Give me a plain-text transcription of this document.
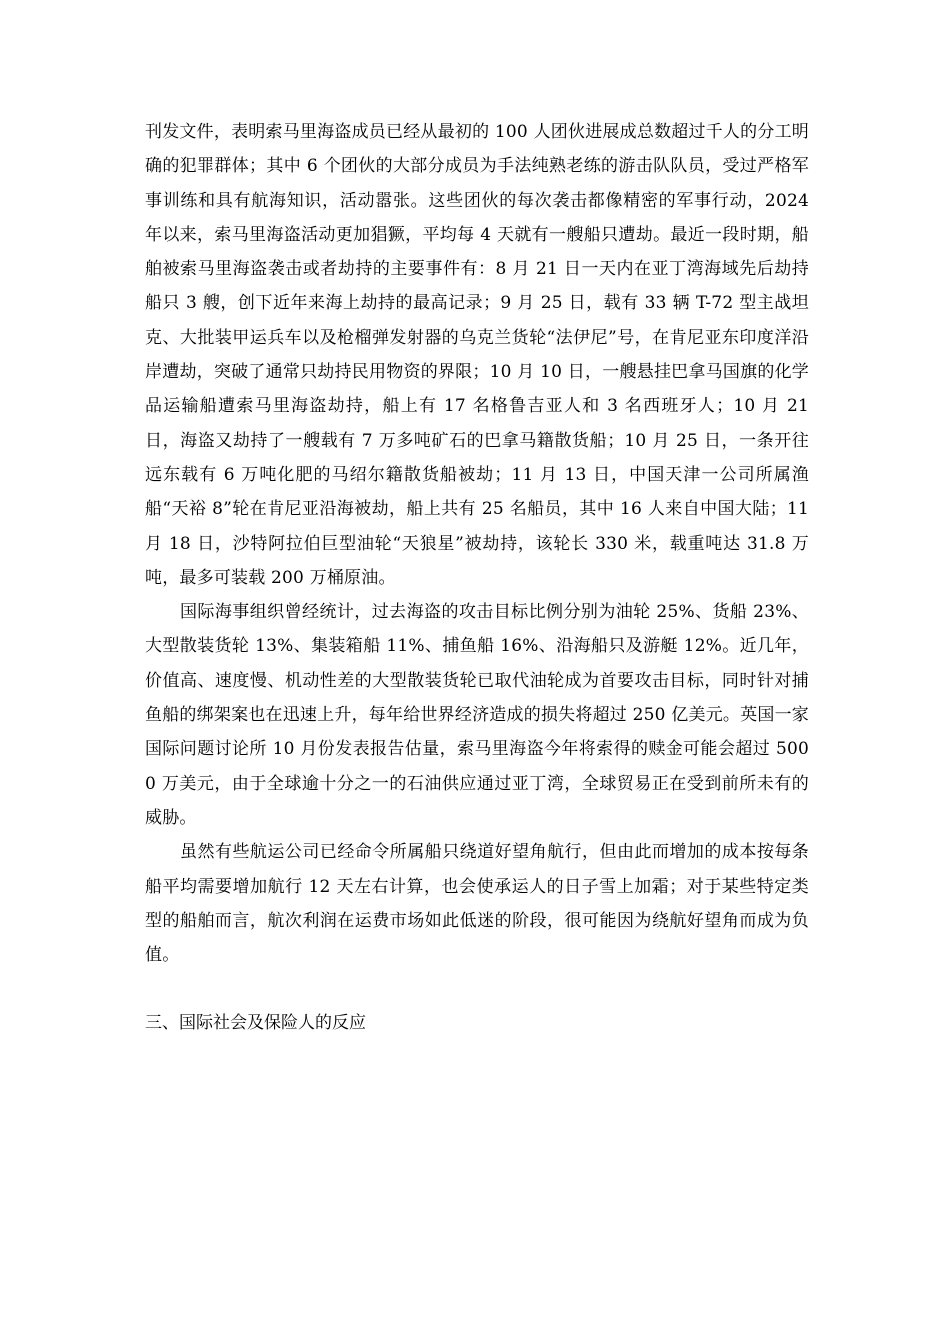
刊发文件，表明索马里海盗成员已经从最初的 100 人团伙进展成总数超过千人的分工明确的犯罪群体；其中 6 个团伙的大部分成员为手法纯熟老练的游击队队员，受过严格军事训练和具有航海知识，活动嚣张。这些团伙的每次袭击都像精密的军事行动，2024 年以来，索马里海盗活动更加猖獗，平均每 4 天就有一艘船只遭劫。最近一段时期，船舶被索马里海盗袭击或者劫持的主要事件有：8 月 21 日一天内在亚丁湾海域先后劫持船只 3 艘，创下近年来海上劫持的最高记录；9 月 25 日，载有 33 辆 T-72 型主战坦克、大批装甲运兵车以及枪榴弹发射器的乌克兰货轮“法伊尼”号，在肯尼亚东印度洋沿岸遭劫，突破了通常只劫持民用物资的界限；10 月 10 日，一艘悬挂巴拿马国旗的化学品运输船遭索马里海盗劫持，船上有 17 名格鲁吉亚人和 3 名西班牙人；10 月 21 日，海盗又劫持了一艘载有 7 万多吨矿石的巴拿马籍散货船；10 月 25 日，一条开往远东载有 6 万吨化肥的马绍尔籍散货船被劫；11 月 13 日，中国天津一公司所属渔船“天裕 8”轮在肯尼亚沿海被劫，船上共有 25 名船员，其中 16 人来自中国大陆；11 月 18 日，沙特阿拉伯巨型油轮“天狼星”被劫持，该轮长 330 米，载重吨达 31.8 万吨，最多可装载 200 万桶原油。

国际海事组织曾经统计，过去海盗的攻击目标比例分别为油轮 25%、货船 23%、大型散装货轮 13%、集装箱船 11%、捕鱼船 16%、沿海船只及游艇 12%。近几年，价值高、速度慢、机动性差的大型散装货轮已取代油轮成为首要攻击目标，同时针对捕鱼船的绑架案也在迅速上升，每年给世界经济造成的损失将超过 250 亿美元。英国一家国际问题讨论所 10 月份发表报告估量，索马里海盗今年将索得的赎金可能会超过 5000 万美元，由于全球逾十分之一的石油供应通过亚丁湾，全球贸易正在受到前所未有的威胁。

虽然有些航运公司已经命令所属船只绕道好望角航行，但由此而增加的成本按每条船平均需要增加航行 12 天左右计算，也会使承运人的日子雪上加霜；对于某些特定类型的船舶而言，航次利润在运费市场如此低迷的阶段，很可能因为绕航好望角而成为负值。

三、国际社会及保险人的反应
